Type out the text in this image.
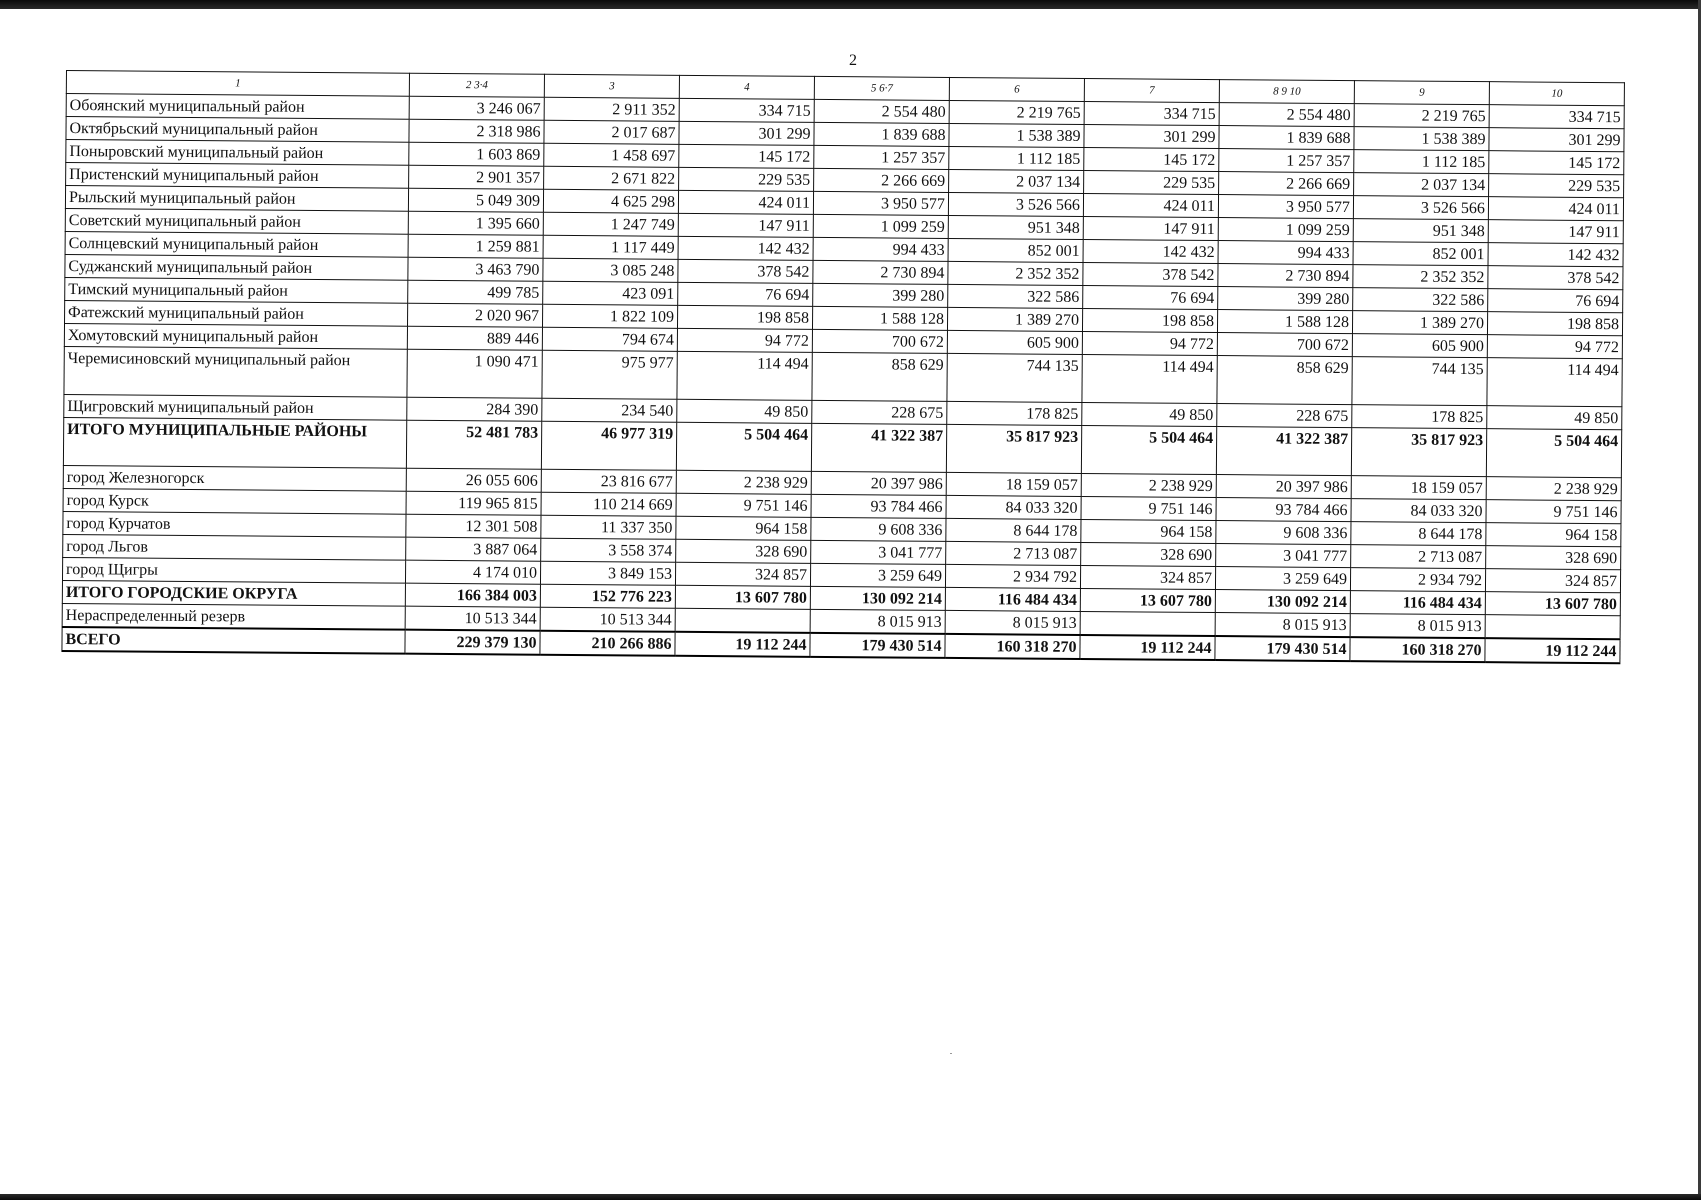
2
1	2 3·4	3	4	5 6·7	6	7	8 9 10	9	10
Обоянский муниципальный район	3 246 067	2 911 352	334 715	2 554 480	2 219 765	334 715	2 554 480	2 219 765	334 715
Октябрьский муниципальный район	2 318 986	2 017 687	301 299	1 839 688	1 538 389	301 299	1 839 688	1 538 389	301 299
Поныровский муниципальный район	1 603 869	1 458 697	145 172	1 257 357	1 112 185	145 172	1 257 357	1 112 185	145 172
Пристенский муниципальный район	2 901 357	2 671 822	229 535	2 266 669	2 037 134	229 535	2 266 669	2 037 134	229 535
Рыльский муниципальный район	5 049 309	4 625 298	424 011	3 950 577	3 526 566	424 011	3 950 577	3 526 566	424 011
Советский муниципальный район	1 395 660	1 247 749	147 911	1 099 259	951 348	147 911	1 099 259	951 348	147 911
Солнцевский муниципальный район	1 259 881	1 117 449	142 432	994 433	852 001	142 432	994 433	852 001	142 432
Суджанский муниципальный район	3 463 790	3 085 248	378 542	2 730 894	2 352 352	378 542	2 730 894	2 352 352	378 542
Тимский муниципальный район	499 785	423 091	76 694	399 280	322 586	76 694	399 280	322 586	76 694
Фатежский муниципальный район	2 020 967	1 822 109	198 858	1 588 128	1 389 270	198 858	1 588 128	1 389 270	198 858
Хомутовский муниципальный район	889 446	794 674	94 772	700 672	605 900	94 772	700 672	605 900	94 772
Черемисиновский муниципальный район	1 090 471	975 977	114 494	858 629	744 135	114 494	858 629	744 135	114 494
Щигровский муниципальный район	284 390	234 540	49 850	228 675	178 825	49 850	228 675	178 825	49 850
ИТОГО МУНИЦИПАЛЬНЫЕ РАЙОНЫ	52 481 783	46 977 319	5 504 464	41 322 387	35 817 923	5 504 464	41 322 387	35 817 923	5 504 464
город Железногорск	26 055 606	23 816 677	2 238 929	20 397 986	18 159 057	2 238 929	20 397 986	18 159 057	2 238 929
город Курск	119 965 815	110 214 669	9 751 146	93 784 466	84 033 320	9 751 146	93 784 466	84 033 320	9 751 146
город Курчатов	12 301 508	11 337 350	964 158	9 608 336	8 644 178	964 158	9 608 336	8 644 178	964 158
город Льгов	3 887 064	3 558 374	328 690	3 041 777	2 713 087	328 690	3 041 777	2 713 087	328 690
город Щигры	4 174 010	3 849 153	324 857	3 259 649	2 934 792	324 857	3 259 649	2 934 792	324 857
ИТОГО ГОРОДСКИЕ ОКРУГА	166 384 003	152 776 223	13 607 780	130 092 214	116 484 434	13 607 780	130 092 214	116 484 434	13 607 780
Нераспределенный резерв	10 513 344	10 513 344		8 015 913	8 015 913		8 015 913	8 015 913	
ВСЕГО	229 379 130	210 266 886	19 112 244	179 430 514	160 318 270	19 112 244	179 430 514	160 318 270	19 112 244
